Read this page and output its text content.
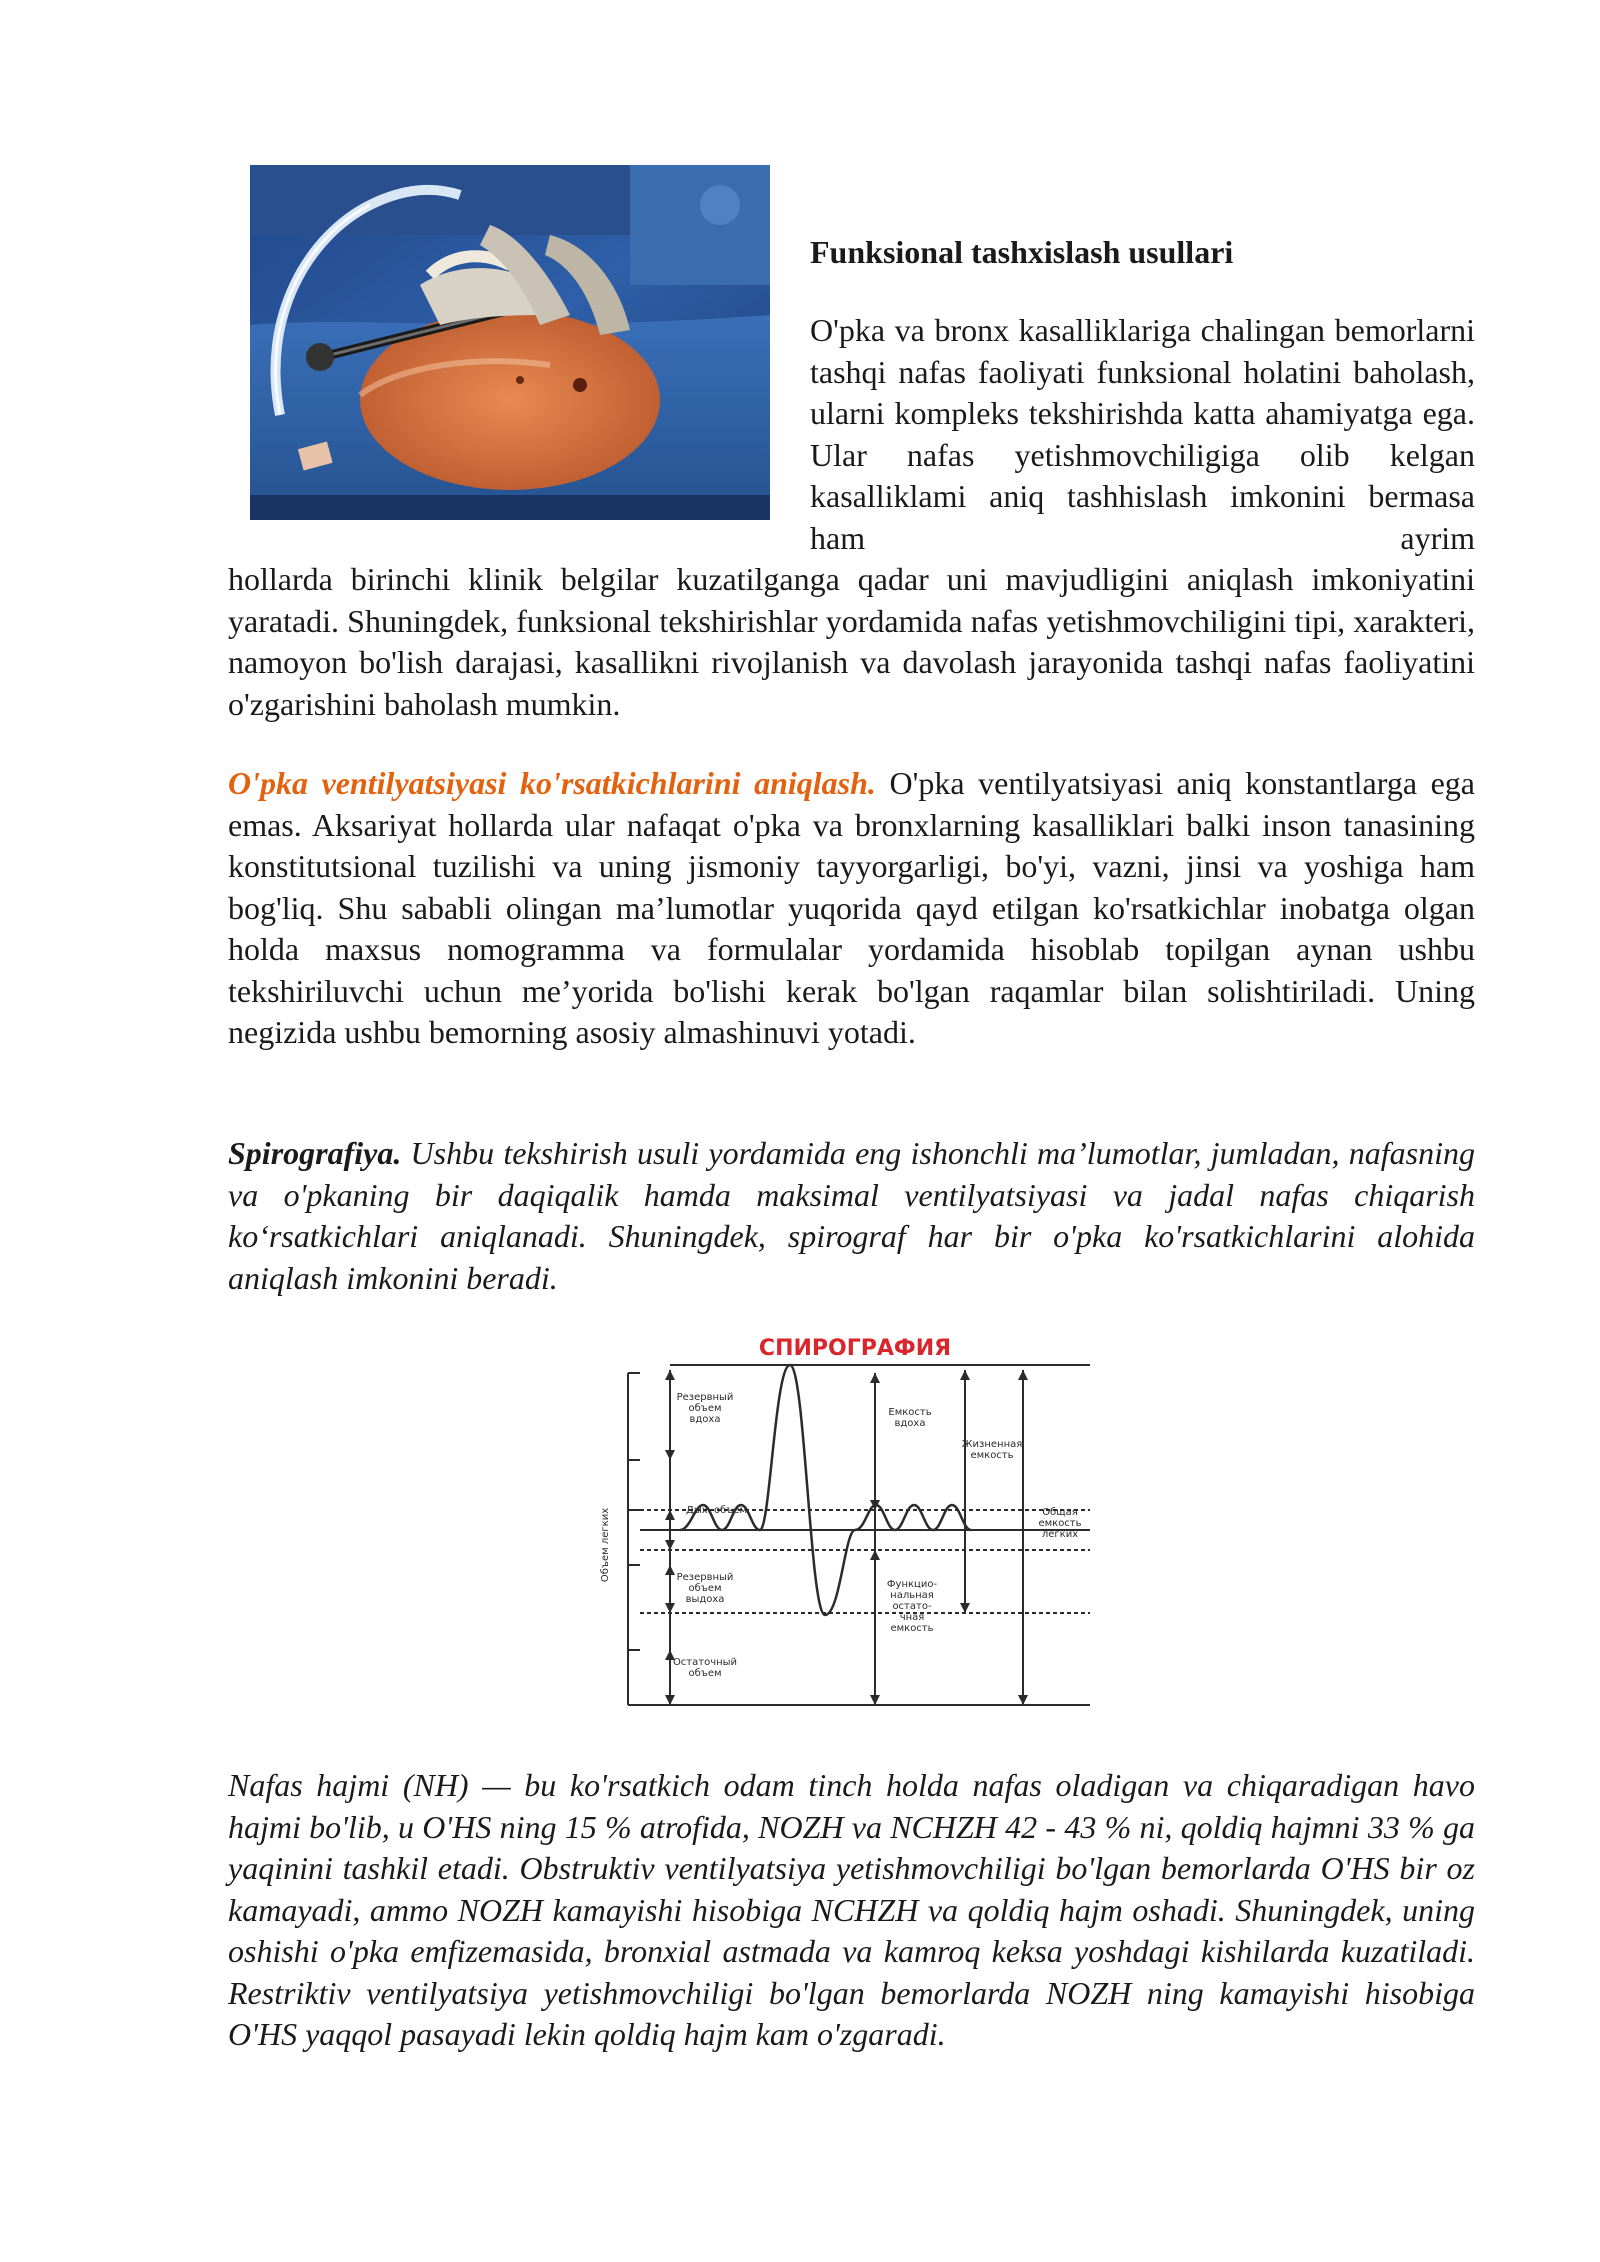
Funksional tashxislash usullari

O'pka va bronx kasalliklariga chalingan bemorlarni tashqi nafas faoliyati funksional holatini baholash, ularni kompleks tekshirishda katta ahamiyatga ega. Ular nafas yetishmovchiligiga olib kelgan kasalliklami aniq tashhislash imkonini bermasa ham ayrim

hollarda birinchi klinik belgilar kuzatilganga qadar uni mavjudligini aniqlash imkoniyatini yaratadi. Shuningdek, funksional tekshirishlar yordamida nafas yetishmovchiligini tipi, xarakteri, namoyon bo'lish darajasi, kasallikni rivojlanish va davolash jarayonida tashqi nafas faoliyatini o'zgarishini baholash mumkin.

O'pka ventilyatsiyasi ko'rsatkichlarini aniqlash. O'pka ventilyatsiyasi aniq konstantlarga ega emas. Aksariyat hollarda ular nafaqat o'pka va bronxlarning kasalliklari balki inson tanasining konstitutsional tuzilishi va uning jismoniy tayyorgarligi, bo'yi, vazni, jinsi va yoshiga ham bog'liq. Shu sababli olingan ma’lumotlar yuqorida qayd etilgan ko'rsatkichlar inobatga olgan holda maxsus nomogramma va formulalar yordamida hisoblab topilgan aynan ushbu tekshiriluvchi uchun me’yorida bo'lishi kerak bo'lgan raqamlar bilan solishtiriladi. Uning negizida ushbu bemorning asosiy almashinuvi yotadi.

Spirografiya. Ushbu tekshirish usuli yordamida eng ishonchli ma’lumotlar, jumladan, nafasning va o'pkaning bir daqiqalik hamda maksimal ventilyatsiyasi va jadal nafas chiqarish ko‘rsatkichlari aniqlanadi. Shuningdek, spirograf har bir o'pka ko'rsatkichlarini alohida aniqlash imkonini beradi.

СПИРОГРАФИЯ
Объем легких
Резервный объем вдоха
Дых. объем
Резервный объем выдоха
Остаточный объем
Емкость вдоха
Жизненная емкость
Общая емкость легких
Функцио-нальная остато-чная емкость

Nafas hajmi (NH) — bu ko'rsatkich odam tinch holda nafas oladigan va chiqaradigan havo hajmi bo'lib, u O'HS ning 15 % atrofida, NOZH va NCHZH 42 - 43 % ni, qoldiq hajmni 33 % ga yaqinini tashkil etadi. Obstruktiv ventilyatsiya yetishmovchiligi bo'lgan bemorlarda O'HS bir oz kamayadi, ammo NOZH kamayishi hisobiga NCHZH va qoldiq hajm oshadi. Shuningdek, uning oshishi o'pka emfizemasida, bronxial astmada va kamroq keksa yoshdagi kishilarda kuzatiladi. Restriktiv ventilyatsiya yetishmovchiligi bo'lgan bemorlarda NOZH ning kamayishi hisobiga O'HS yaqqol pasayadi lekin qoldiq hajm kam o'zgaradi.
